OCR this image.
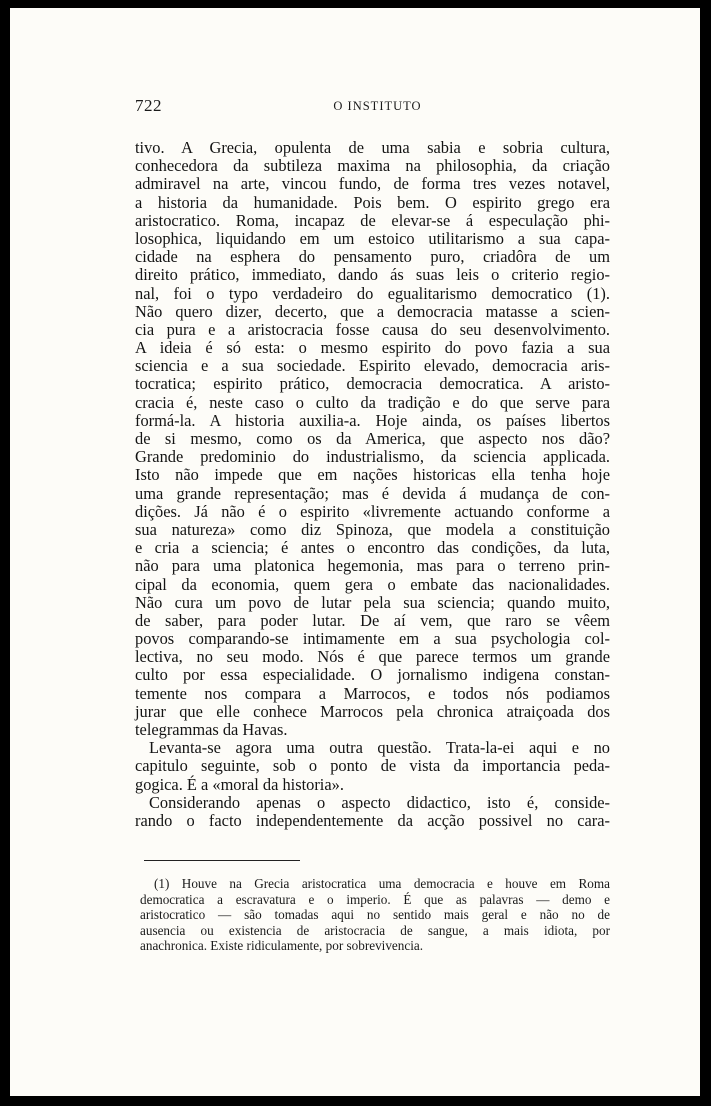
722	O INSTITUTO
tivo. A Grecia, opulenta de uma sabia e sobria cultura,
conhecedora da subtileza maxima na philosophia, da criação
admiravel na arte, vincou fundo, de forma tres vezes notavel,
a historia da humanidade. Pois bem. O espirito grego era
aristocratico. Roma, incapaz de elevar-se á especulação phi-
losophica, liquidando em um estoico utilitarismo a sua capa-
cidade na esphera do pensamento puro, criadôra de um
direito prático, immediato, dando ás suas leis o criterio regio-
nal, foi o typo verdadeiro do egualitarismo democratico (1).
Não quero dizer, decerto, que a democracia matasse a scien-
cia pura e a aristocracia fosse causa do seu desenvolvimento.
A ideia é só esta: o mesmo espirito do povo fazia a sua
sciencia e a sua sociedade. Espirito elevado, democracia aris-
tocratica; espirito prático, democracia democratica. A aristo-
cracia é, neste caso o culto da tradição e do que serve para
formá-la. A historia auxilia-a. Hoje ainda, os países libertos
de si mesmo, como os da America, que aspecto nos dão?
Grande predominio do industrialismo, da sciencia applicada.
Isto não impede que em nações historicas ella tenha hoje
uma grande representação; mas é devida á mudança de con-
dições. Já não é o espirito «livremente actuando conforme a
sua natureza» como diz Spinoza, que modela a constituição
e cria a sciencia; é antes o encontro das condições, da luta,
não para uma platonica hegemonia, mas para o terreno prin-
cipal da economia, quem gera o embate das nacionalidades.
Não cura um povo de lutar pela sua sciencia; quando muito,
de saber, para poder lutar. De aí vem, que raro se vêem
povos comparando-se intimamente em a sua psychologia col-
lectiva, no seu modo. Nós é que parece termos um grande
culto por essa especialidade. O jornalismo indigena constan-
temente nos compara a Marrocos, e todos nós podiamos
jurar que elle conhece Marrocos pela chronica atraiçoada dos
telegrammas da Havas.
Levanta-se agora uma outra questão. Trata-la-ei aqui e no
capitulo seguinte, sob o ponto de vista da importancia peda-
gogica. É a «moral da historia».
Considerando apenas o aspecto didactico, isto é, conside-
rando o facto independentemente da acção possivel no cara-
(1) Houve na Grecia aristocratica uma democracia e houve em Roma
democratica a escravatura e o imperio. É que as palavras — demo e
aristocratico — são tomadas aqui no sentido mais geral e não no de
ausencia ou existencia de aristocracia de sangue, a mais idiota, por
anachronica. Existe ridiculamente, por sobrevivencia.
